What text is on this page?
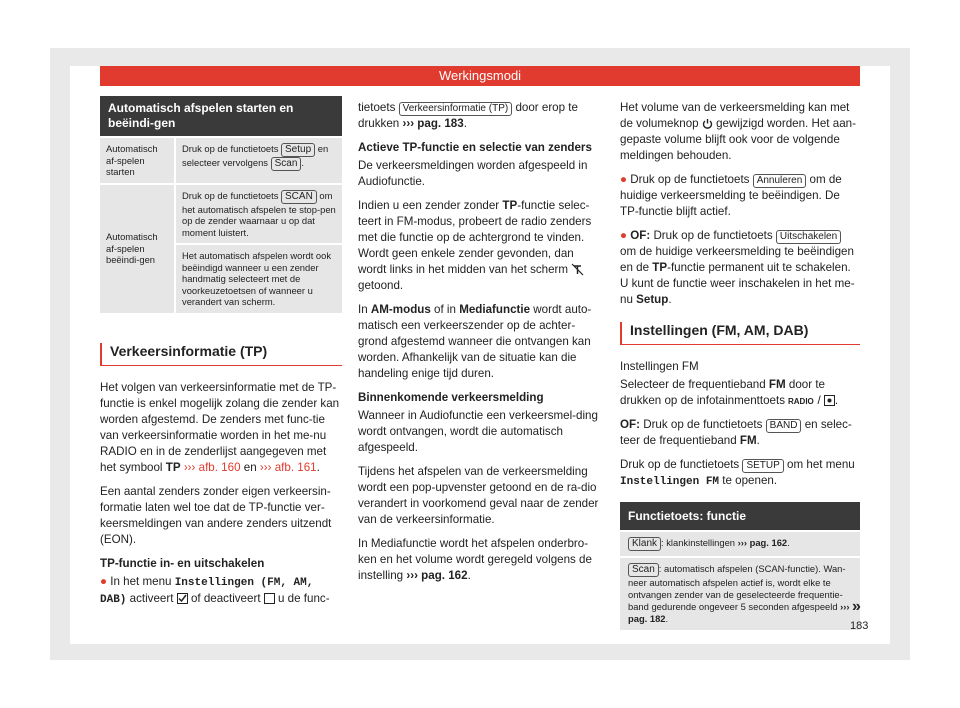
Werkingsmodi
Automatisch afspelen starten en beëindi-gen	
Automatisch af-spelen starten	Druk op de functietoets Setup en selecteer vervolgens Scan .
Automatisch af-spelen beëindi-gen	Druk op de functietoets SCAN om het automatisch afspelen te stop-pen op de zender waarnaar u op dat moment luistert.
	Het automatisch afspelen wordt ook beëindigd wanneer u een zender handmatig selecteert met de voorkeuzetoetsen of wanneer u verandert van scherm.
Verkeersinformatie (TP)

Het volgen van verkeersinformatie met de TP-functie is enkel mogelijk zolang die zender kan worden afgestemd. De zenders met func-tie van verkeersinformatie worden in het me-nu RADIO en in de zenderlijst aangegeven met het symbool TP ››› afb. 160 en ››› afb. 161.

Een aantal zenders zonder eigen verkeersin-formatie laten wel toe dat de TP-functie ver-keersmeldingen van andere zenders uitzendt (EON).

TP-functie in- en uitschakelen

● In het menu Instellingen (FM, AM, DAB) activeert of deactiveert u de func-

tietoets Verkeersinformatie (TP) door erop te drukken ››› pag. 183.

Actieve TP-functie en selectie van zenders

De verkeersmeldingen worden afgespeeld in Audiofunctie.

Indien u een zender zonder TP-functie selec-teert in FM-modus, probeert de radio zenders met die functie op de achtergrond te vinden. Wordt geen enkele zender gevonden, dan wordt links in het midden van het scherm
getoond.

In AM-modus of in Mediafunctie wordt auto-matisch een verkeerszender op de achter-grond afgestemd wanneer die ontvangen kan worden. Afhankelijk van de situatie kan die handeling enige tijd duren.

Binnenkomende verkeersmelding

Wanneer in Audiofunctie een verkeersmel-ding wordt ontvangen, wordt die automatisch afgespeeld.

Tijdens het afspelen van de verkeersmelding wordt een pop-upvenster getoond en de ra-dio verandert in voorkomend geval naar de zender van de verkeersinformatie.

In Mediafunctie wordt het afspelen onderbro-ken en het volume wordt geregeld volgens de instelling ››› pag. 162.

Het volume van de verkeersmelding kan met de volumeknop gewijzigd worden. Het aan-gepaste volume blijft ook voor de volgende meldingen behouden.

● Druk op de functietoets Annuleren om de huidige verkeersmelding te beëindigen. De TP-functie blijft actief.

● OF: Druk op de functietoets Uitschakelen om de huidige verkeersmelding te beëindigen en de TP-functie permanent uit te schakelen. U kunt de functie weer inschakelen in het me-nu Setup.

Instellingen (FM, AM, DAB)

Instellingen FM

Selecteer de frequentieband FM door te drukken op de infotainmenttoets RADIO / .

OF: Druk op de functietoets BAND en selec-teer de frequentieband FM.

Druk op de functietoets SETUP om het menu Instellingen FM te openen.

Functietoets: functie
Klank : klankinstellingen ››› pag. 162.
Scan : automatisch afspelen (SCAN-functie). Wan-neer automatisch afspelen actief is, wordt elke te ontvangen zender van de geselecteerde frequentie-band gedurende ongeveer 5 seconden afgespeeld ››› pag. 182.
»
183
